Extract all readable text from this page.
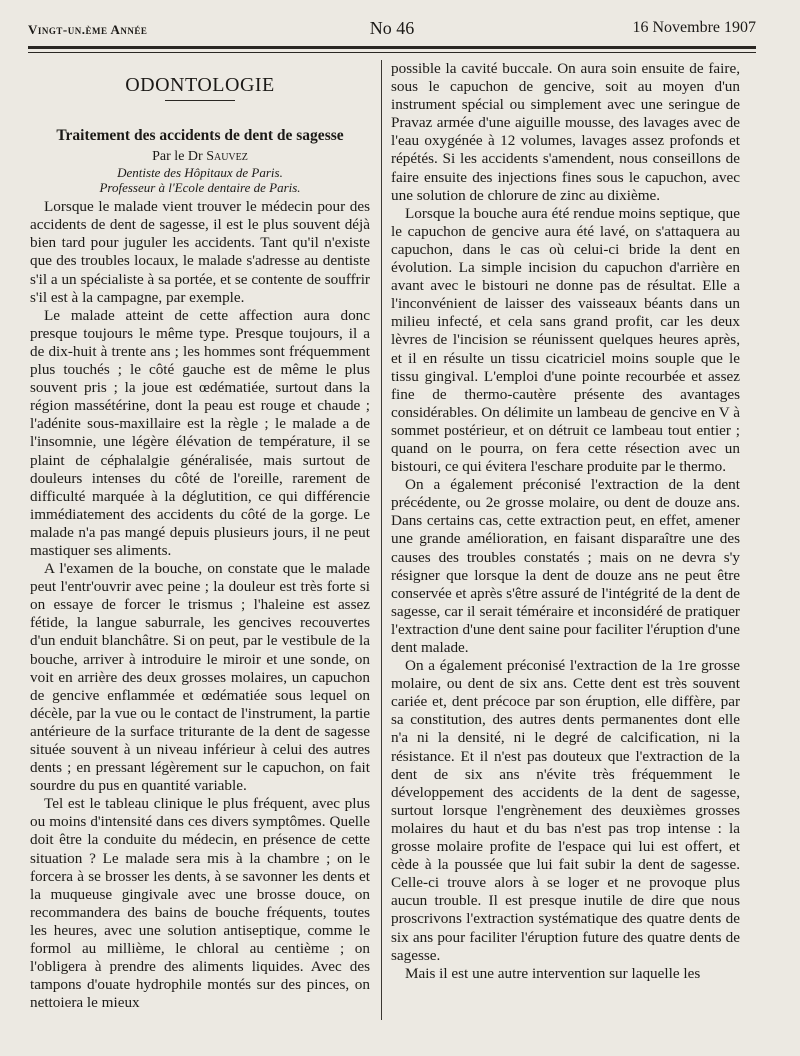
Vingt-un.ème Année	No 46	16 Novembre 1907
ODONTOLOGIE
Traitement des accidents de dent de sagesse
Par le Dr Sauvez
Dentiste des Hôpitaux de Paris.
Professeur à l'Ecole dentaire de Paris.

Lorsque le malade vient trouver le médecin pour des accidents de dent de sagesse, il est le plus souvent déjà bien tard pour juguler les accidents. Tant qu'il n'existe que des troubles locaux, le malade s'adresse au dentiste s'il a un spécialiste à sa portée, et se contente de souffrir s'il est à la campagne, par exemple.

Le malade atteint de cette affection aura donc presque toujours le même type. Presque toujours, il a de dix-huit à trente ans ; les hommes sont fréquemment plus touchés ; le côté gauche est de même le plus souvent pris ; la joue est œdématiée, surtout dans la région massétérine, dont la peau est rouge et chaude ; l'adénite sous-maxillaire est la règle ; le malade a de l'insomnie, une légère élévation de température, il se plaint de céphalalgie généralisée, mais surtout de douleurs intenses du côté de l'oreille, rarement de difficulté marquée à la déglutition, ce qui différencie immédiatement des accidents du côté de la gorge. Le malade n'a pas mangé depuis plusieurs jours, il ne peut mastiquer ses aliments.

A l'examen de la bouche, on constate que le malade peut l'entr'ouvrir avec peine ; la douleur est très forte si on essaye de forcer le trismus ; l'haleine est assez fétide, la langue saburrale, les gencives recouvertes d'un enduit blanchâtre. Si on peut, par le vestibule de la bouche, arriver à introduire le miroir et une sonde, on voit en arrière des deux grosses molaires, un capuchon de gencive enflammée et œdématiée sous lequel on décèle, par la vue ou le contact de l'instrument, la partie antérieure de la surface triturante de la dent de sagesse située souvent à un niveau inférieur à celui des autres dents ; en pressant légèrement sur le capuchon, on fait sourdre du pus en quantité variable.

Tel est le tableau clinique le plus fréquent, avec plus ou moins d'intensité dans ces divers symptômes. Quelle doit être la conduite du médecin, en présence de cette situation ? Le malade sera mis à la chambre ; on le forcera à se brosser les dents, à se savonner les dents et la muqueuse gingivale avec une brosse douce, on recommandera des bains de bouche fréquents, toutes les heures, avec une solution antiseptique, comme le formol au millième, le chloral au centième ; on l'obligera à prendre des aliments liquides. Avec des tampons d'ouate hydrophile montés sur des pinces, on nettoiera le mieux

possible la cavité buccale. On aura soin ensuite de faire, sous le capuchon de gencive, soit au moyen d'un instrument spécial ou simplement avec une seringue de Pravaz armée d'une aiguille mousse, des lavages avec de l'eau oxygénée à 12 volumes, lavages assez profonds et répétés. Si les accidents s'amendent, nous conseillons de faire ensuite des injections fines sous le capuchon, avec une solution de chlorure de zinc au dixième.

Lorsque la bouche aura été rendue moins septique, que le capuchon de gencive aura été lavé, on s'attaquera au capuchon, dans le cas où celui-ci bride la dent en évolution. La simple incision du capuchon d'arrière en avant avec le bistouri ne donne pas de résultat. Elle a l'inconvénient de laisser des vaisseaux béants dans un milieu infecté, et cela sans grand profit, car les deux lèvres de l'incision se réunissent quelques heures après, et il en résulte un tissu cicatriciel moins souple que le tissu gingival. L'emploi d'une pointe recourbée et assez fine de thermo-cautère présente des avantages considérables. On délimite un lambeau de gencive en V à sommet postérieur, et on détruit ce lambeau tout entier ; quand on le pourra, on fera cette résection avec un bistouri, ce qui évitera l'eschare produite par le thermo.

On a également préconisé l'extraction de la dent précédente, ou 2e grosse molaire, ou dent de douze ans. Dans certains cas, cette extraction peut, en effet, amener une grande amélioration, en faisant disparaître une des causes des troubles constatés ; mais on ne devra s'y résigner que lorsque la dent de douze ans ne peut être conservée et après s'être assuré de l'intégrité de la dent de sagesse, car il serait téméraire et inconsidéré de pratiquer l'extraction d'une dent saine pour faciliter l'éruption d'une dent malade.

On a également préconisé l'extraction de la 1re grosse molaire, ou dent de six ans. Cette dent est très souvent cariée et, dent précoce par son éruption, elle diffère, par sa constitution, des autres dents permanentes dont elle n'a ni la densité, ni le degré de calcification, ni la résistance. Et il n'est pas douteux que l'extraction de la dent de six ans n'évite très fréquemment le développement des accidents de la dent de sagesse, surtout lorsque l'engrènement des deuxièmes grosses molaires du haut et du bas n'est pas trop intense : la grosse molaire profite de l'espace qui lui est offert, et cède à la poussée que lui fait subir la dent de sagesse. Celle-ci trouve alors à se loger et ne provoque plus aucun trouble. Il est presque inutile de dire que nous proscrivons l'extraction systématique des quatre dents de six ans pour faciliter l'éruption future des quatre dents de sagesse.

Mais il est une autre intervention sur laquelle les
